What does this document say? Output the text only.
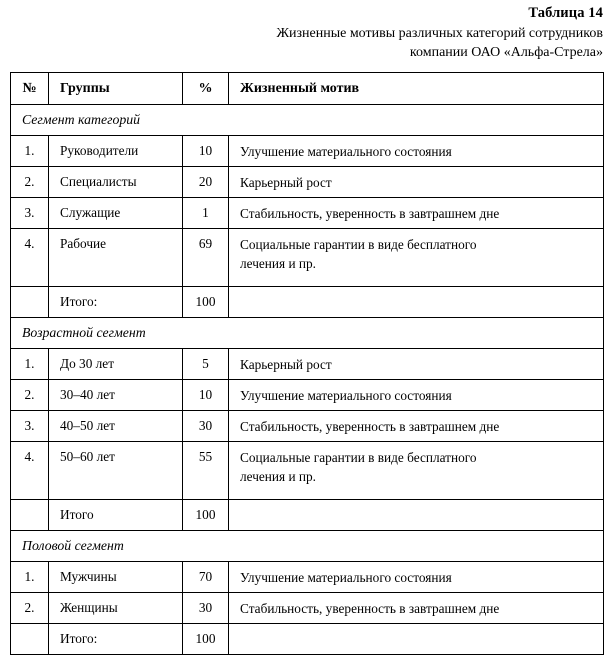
Таблица 14
Жизненные мотивы различных категорий сотрудников
компании ОАО «Альфа-Стрела»
№	Группы	%	Жизненный мотив
Сегмент категорий			
1.	Руководители	10	Улучшение материального состояния

2.	Специалисты	20	Карьерный рост

3.	Служащие	1	Стабильность, уверенность в завтрашнем дне

4.	Рабочие	69	Социальные гарантии в виде бесплатного
лечения и пр.

	Итого:	100	
Возрастной сегмент			
1.	До 30 лет	5	Карьерный рост

2.	30–40 лет	10	Улучшение материального состояния

3.	40–50 лет	30	Стабильность, уверенность в завтрашнем дне

4.	50–60 лет	55	Социальные гарантии в виде бесплатного
лечения и пр.

	Итого	100	
Половой сегмент			
1.	Мужчины	70	Улучшение материального состояния

2.	Женщины	30	Стабильность, уверенность в завтрашнем дне

	Итого:	100	
